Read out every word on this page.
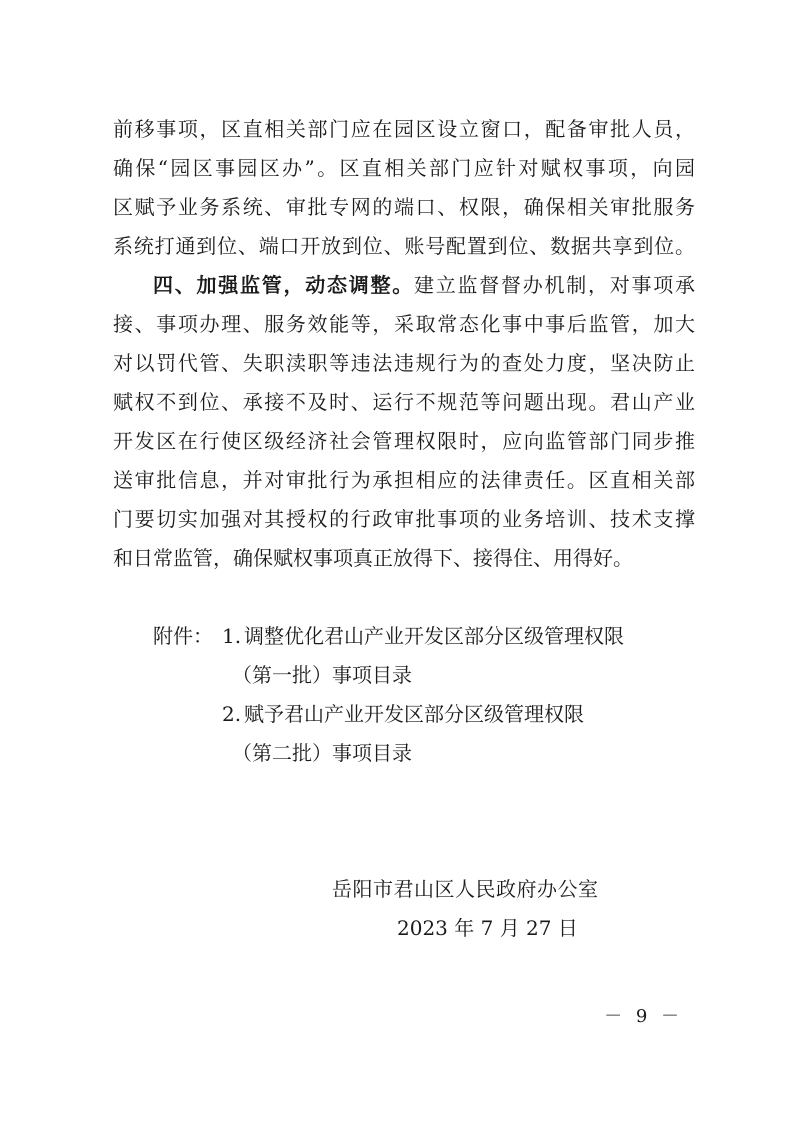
前移事项，区直相关部门应在园区设立窗口，配备审批人员，
确保“园区事园区办”。区直相关部门应针对赋权事项，向园
区赋予业务系统、审批专网的端口、权限，确保相关审批服务
系统打通到位、端口开放到位、账号配置到位、数据共享到位。
四、加强监管，动态调整。建立监督督办机制，对事项承
接、事项办理、服务效能等，采取常态化事中事后监管，加大
对以罚代管、失职渎职等违法违规行为的查处力度，坚决防止
赋权不到位、承接不及时、运行不规范等问题出现。君山产业
开发区在行使区级经济社会管理权限时，应向监管部门同步推
送审批信息，并对审批行为承担相应的法律责任。区直相关部
门要切实加强对其授权的行政审批事项的业务培训、技术支撑
和日常监管，确保赋权事项真正放得下、接得住、用得好。
附件： 1. 调整优化君山产业开发区部分区级管理权限
（第一批）事项目录
2. 赋予君山产业开发区部分区级管理权限
（第二批）事项目录
岳阳市君山区人民政府办公室
2023 年 7 月 27 日
－ 9 －
